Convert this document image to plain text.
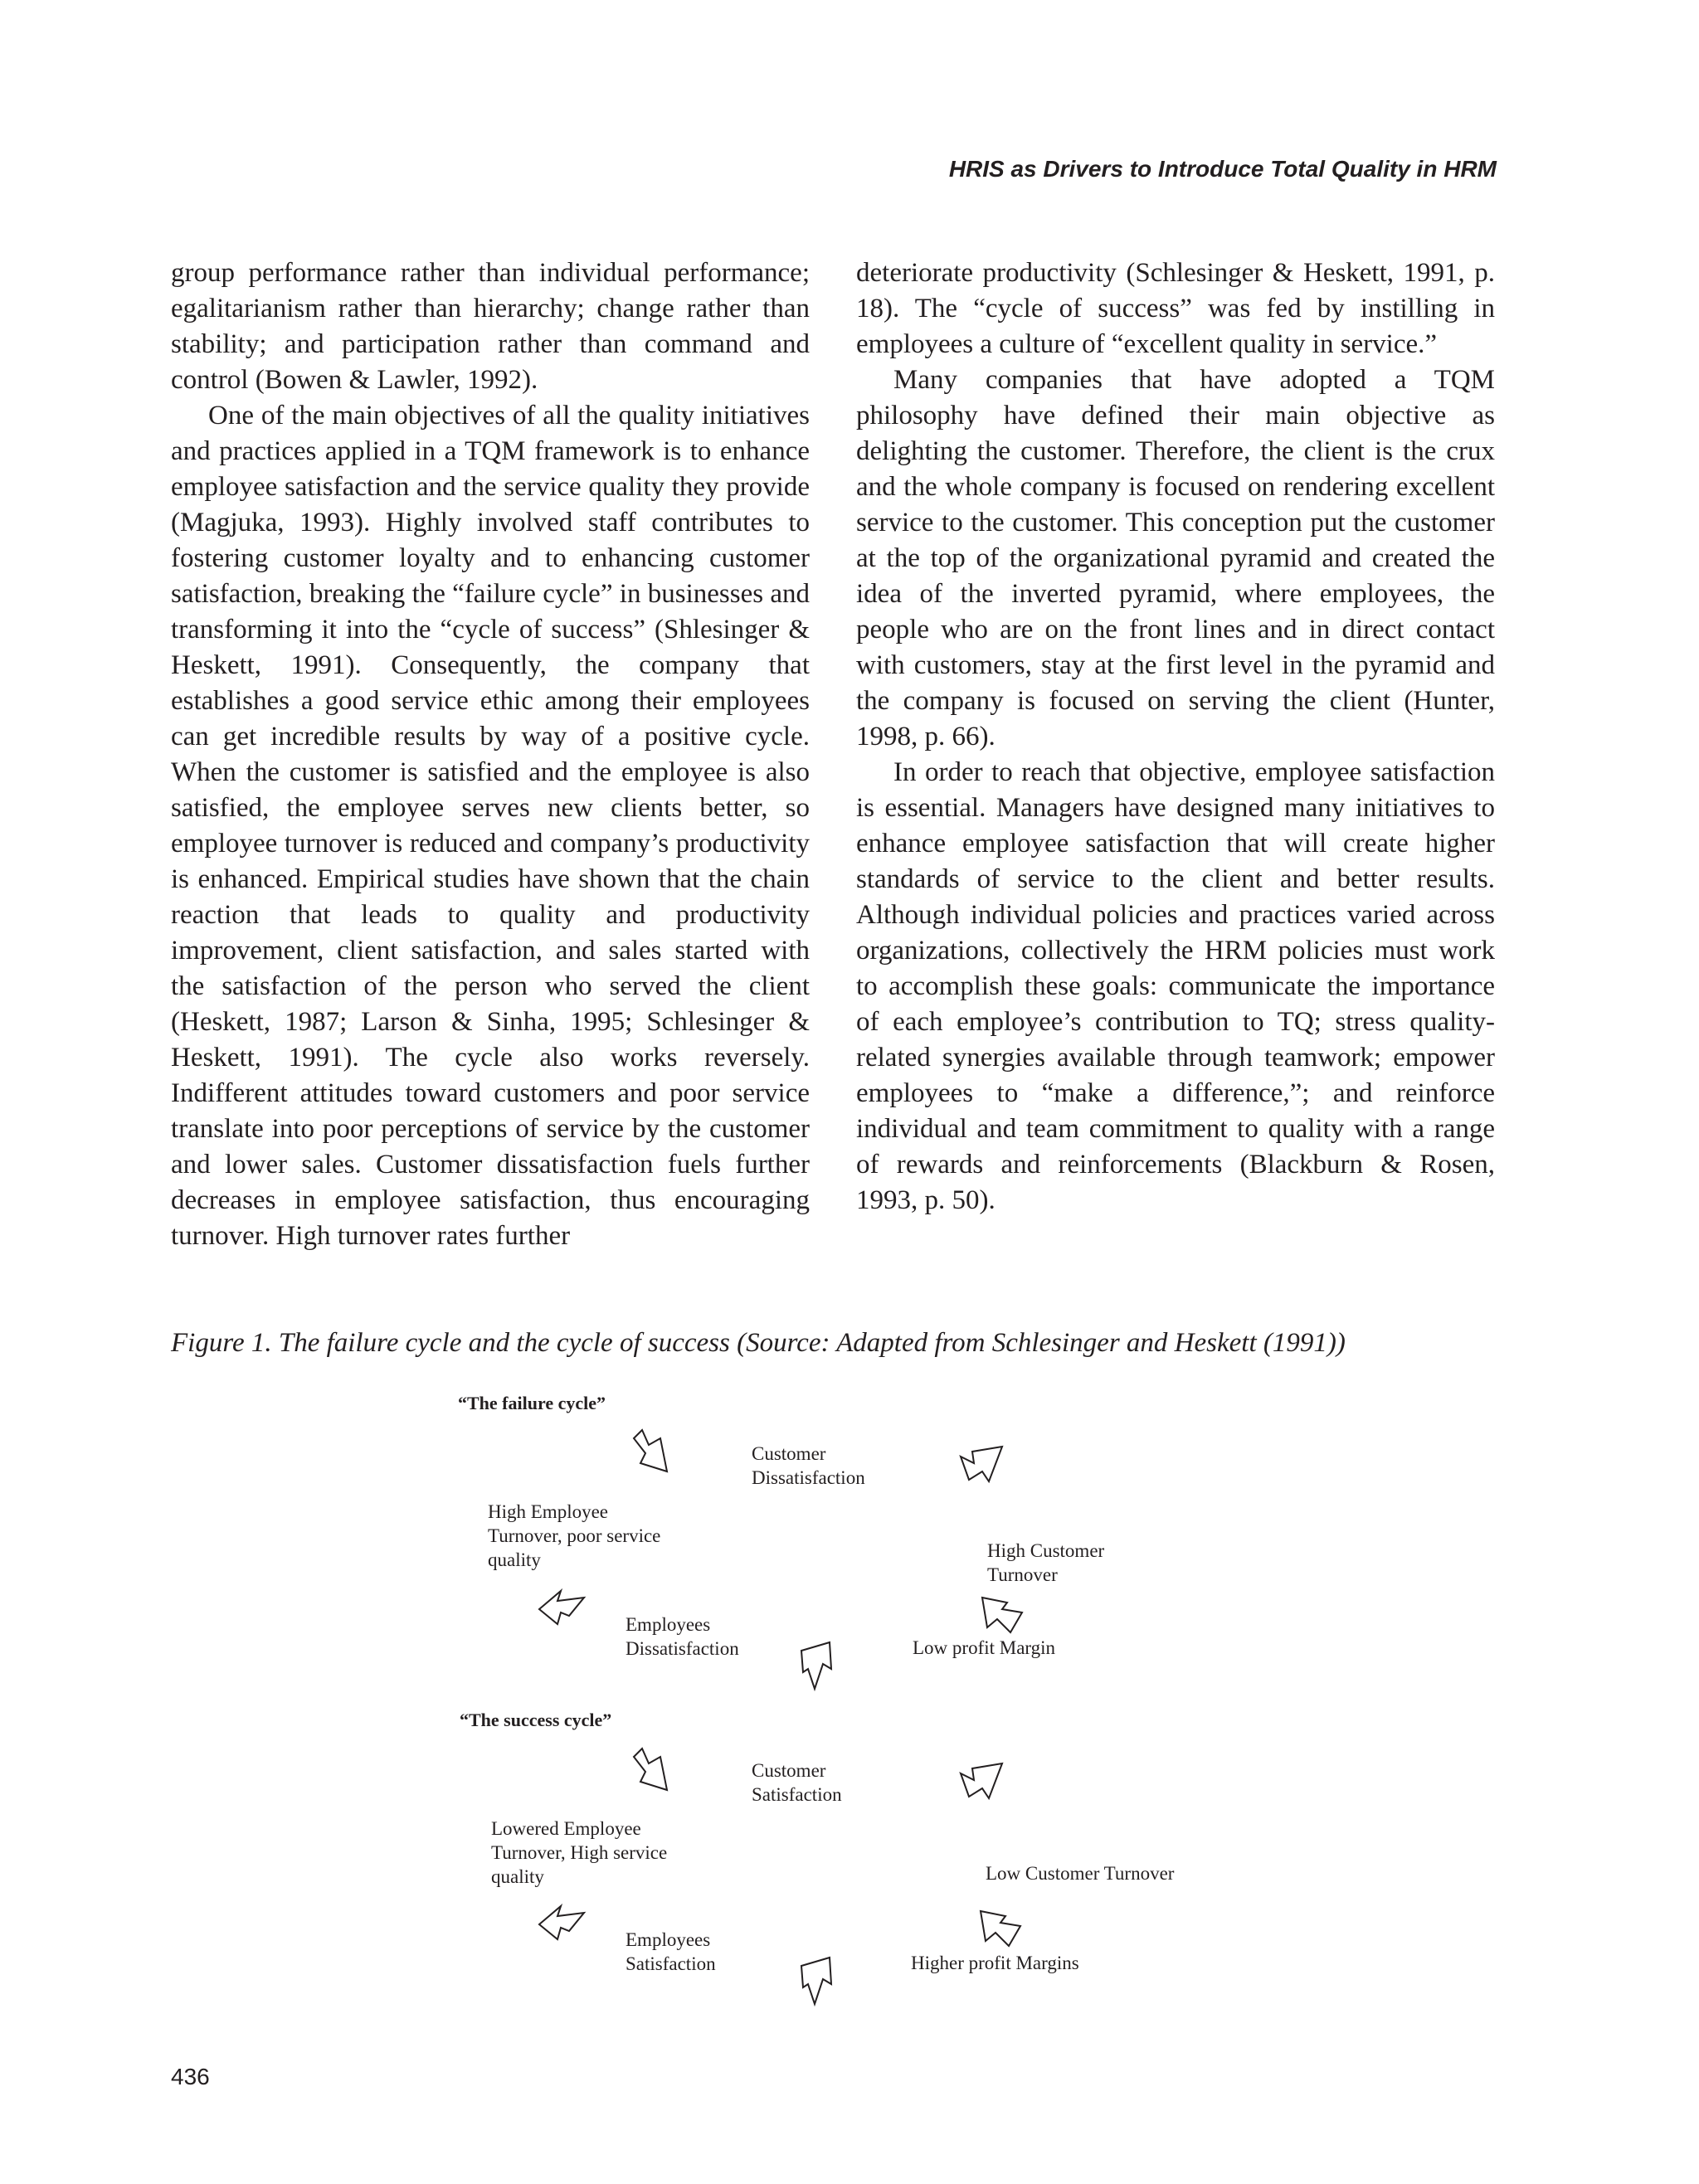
HRIS as Drivers to Introduce Total Quality in HRM

group performance rather than individual performance; egalitarianism rather than hierarchy; change rather than stability; and participation rather than command and control (Bowen & Lawler, 1992).

One of the main objectives of all the quality initiatives and practices applied in a TQM framework is to enhance employee satisfaction and the service quality they provide (Magjuka, 1993). Highly involved staff contributes to fostering customer loyalty and to enhancing customer satisfaction, breaking the “failure cycle” in businesses and transforming it into the “cycle of success” (Shlesinger & Heskett, 1991). Consequently, the company that establishes a good service ethic among their employees can get incredible results by way of a positive cycle. When the customer is satisfied and the employee is also satisfied, the employee serves new clients better, so employee turnover is reduced and company’s productivity is enhanced. Empirical studies have shown that the chain reaction that leads to quality and productivity improvement, client satisfaction, and sales started with the satisfaction of the person who served the client (Heskett, 1987; Larson & Sinha, 1995; Schlesinger & Heskett, 1991). The cycle also works reversely. Indifferent attitudes toward customers and poor service translate into poor perceptions of service by the customer and lower sales. Customer dissatisfaction fuels further decreases in employee satisfaction, thus encouraging turnover. High turnover rates further

deteriorate productivity (Schlesinger & Heskett, 1991, p. 18). The “cycle of success” was fed by instilling in employees a culture of “excellent quality in service.”

Many companies that have adopted a TQM philosophy have defined their main objective as delighting the customer. Therefore, the client is the crux and the whole company is focused on rendering excellent service to the customer. This conception put the customer at the top of the organizational pyramid and created the idea of the inverted pyramid, where employees, the people who are on the front lines and in direct contact with customers, stay at the first level in the pyramid and the company is focused on serving the client (Hunter, 1998, p. 66).

In order to reach that objective, employee satisfaction is essential. Managers have designed many initiatives to enhance employee satisfaction that will create higher standards of service to the client and better results. Although individual policies and practices varied across organizations, collectively the HRM policies must work to accomplish these goals: communicate the importance of each employee’s contribution to TQ; stress quality-related synergies available through teamwork; empower employees to “make a difference,”; and reinforce individual and team commitment to quality with a range of rewards and reinforcements (Blackburn & Rosen, 1993, p. 50).

Figure 1. The failure cycle and the cycle of success (Source: Adapted from Schlesinger and Heskett (1991))
“The failure cycle”
Customer
Dissatisfaction
High Employee
Turnover, poor service
quality	High Customer
Turnover
Employees
Dissatisfaction	Low profit Margin
“The success cycle”
Customer
Satisfaction
Lowered Employee
Turnover, High service
quality	Low Customer Turnover
Employees
Satisfaction	Higher profit Margins
436
